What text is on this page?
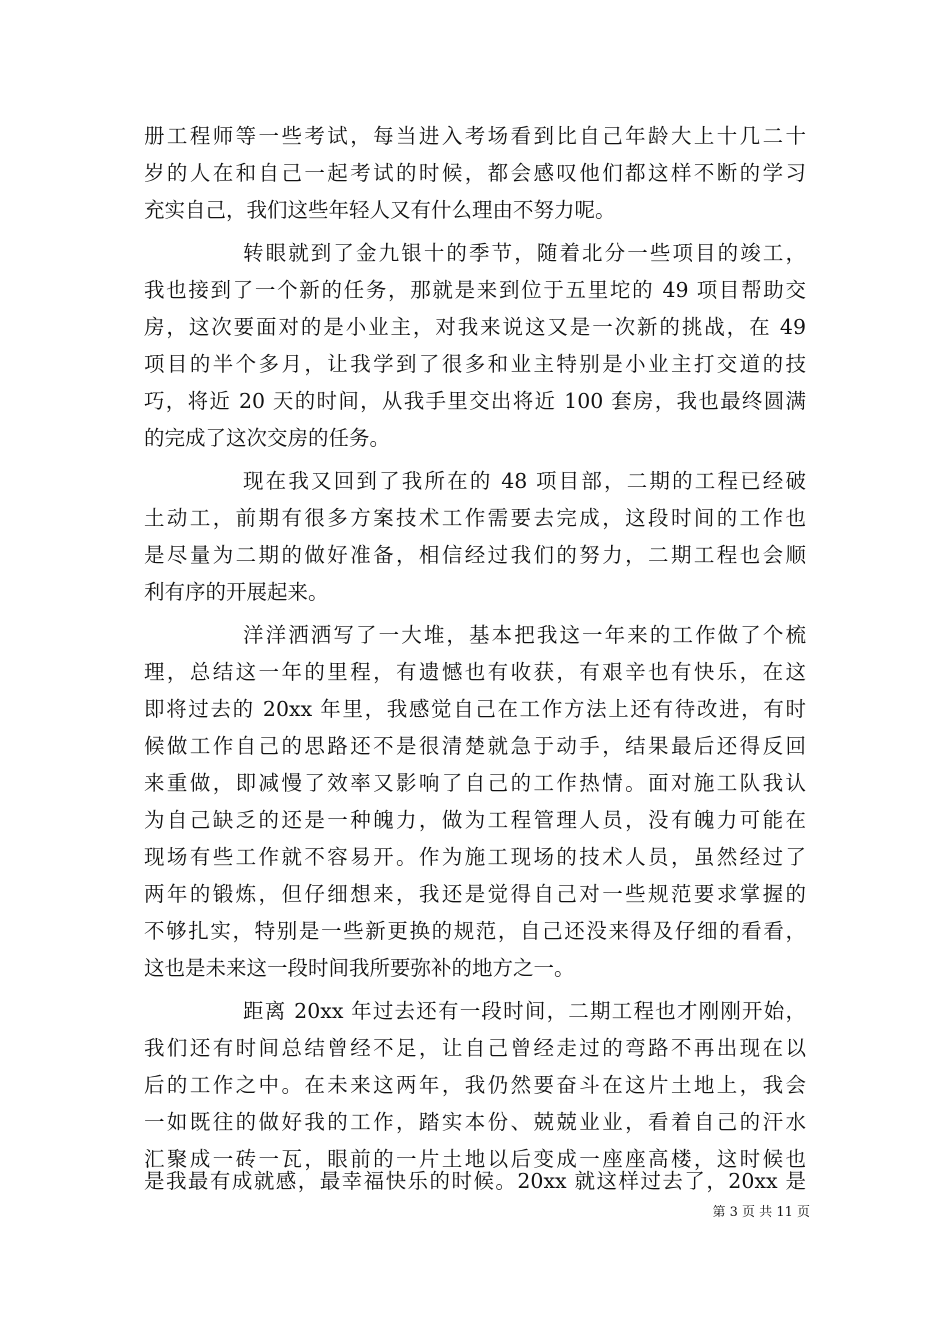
册工程师等一些考试，每当进入考场看到比自己年龄大上十几二十
岁的人在和自己一起考试的时候，都会感叹他们都这样不断的学习
充实自己，我们这些年轻人又有什么理由不努力呢。
转眼就到了金九银十的季节，随着北分一些项目的竣工，
我也接到了一个新的任务，那就是来到位于五里坨的 49 项目帮助交
房，这次要面对的是小业主，对我来说这又是一次新的挑战，在 49
项目的半个多月，让我学到了很多和业主特别是小业主打交道的技
巧，将近 20 天的时间，从我手里交出将近 100 套房，我也最终圆满
的完成了这次交房的任务。
现在我又回到了我所在的 48 项目部，二期的工程已经破
土动工，前期有很多方案技术工作需要去完成，这段时间的工作也
是尽量为二期的做好准备，相信经过我们的努力，二期工程也会顺
利有序的开展起来。
洋洋洒洒写了一大堆，基本把我这一年来的工作做了个梳
理，总结这一年的里程，有遗憾也有收获，有艰辛也有快乐，在这
即将过去的 20xx 年里，我感觉自己在工作方法上还有待改进，有时
候做工作自己的思路还不是很清楚就急于动手，结果最后还得反回
来重做，即减慢了效率又影响了自己的工作热情。面对施工队我认
为自己缺乏的还是一种魄力，做为工程管理人员，没有魄力可能在
现场有些工作就不容易开。作为施工现场的技术人员，虽然经过了
两年的锻炼，但仔细想来，我还是觉得自己对一些规范要求掌握的
不够扎实，特别是一些新更换的规范，自己还没来得及仔细的看看，
这也是未来这一段时间我所要弥补的地方之一。
距离 20xx 年过去还有一段时间，二期工程也才刚刚开始，
我们还有时间总结曾经不足，让自己曾经走过的弯路不再出现在以
后的工作之中。在未来这两年，我仍然要奋斗在这片土地上，我会
一如既往的做好我的工作，踏实本份、兢兢业业，看着自己的汗水
汇聚成一砖一瓦，眼前的一片土地以后变成一座座高楼，这时候也
是我最有成就感，最幸福快乐的时候。20xx 就这样过去了，20xx 是
第 3 页 共 11 页
